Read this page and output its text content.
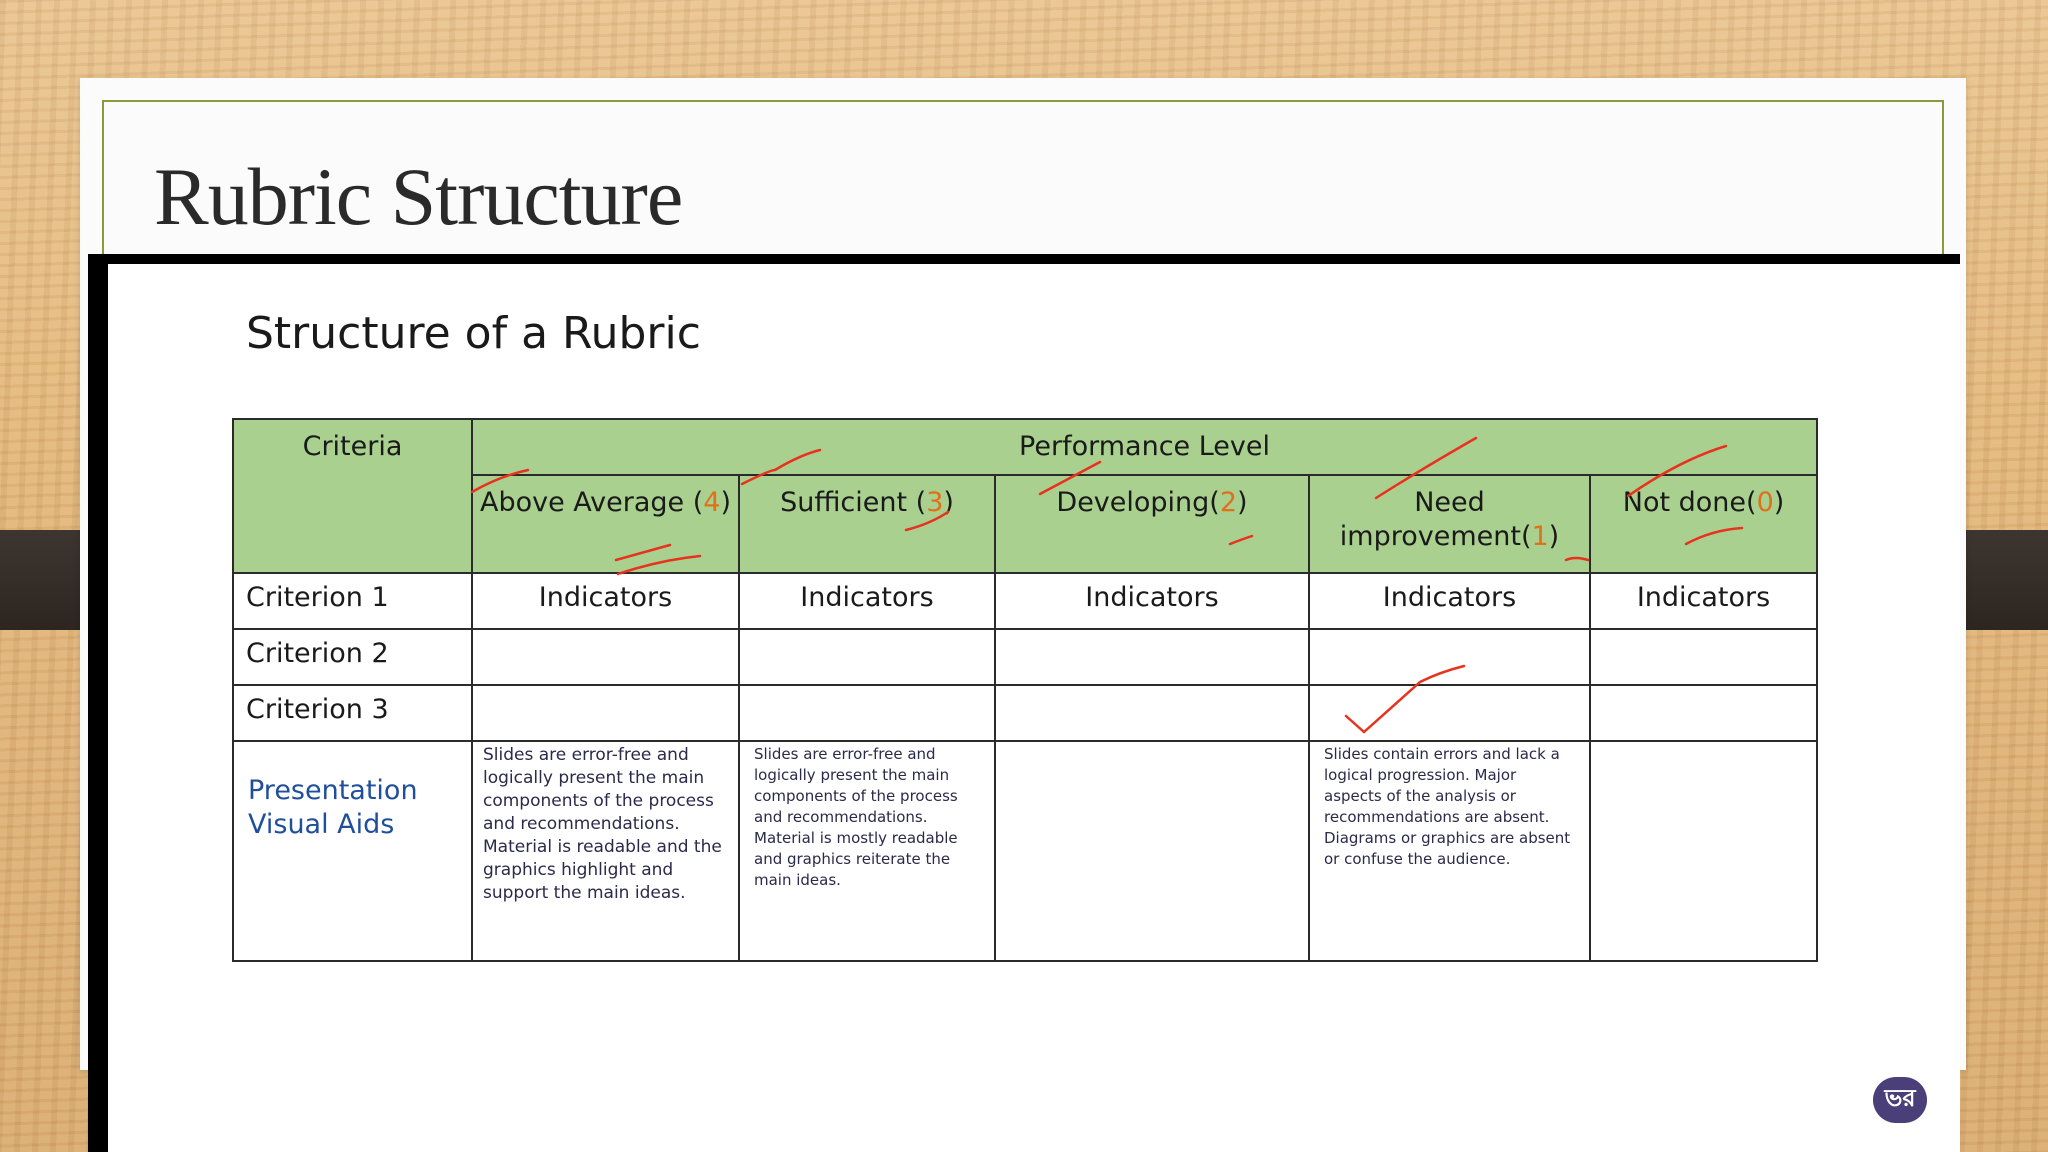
Rubric Structure
Structure of a Rubric
Criteria	Performance Level				

	Above Average (4)	Sufficient (3)	Developing(2)	Need improvement(1)	Not done(0)

Criterion 1	Indicators	Indicators	Indicators	Indicators	Indicators

Criterion 2					

Criterion 3					

Presentation Visual Aids	Slides are error-free and logically present the main components of the process and recommendations. Material is readable and the graphics highlight and support the main ideas.	Slides are error-free and logically present the main components of the process and recommendations. Material is mostly readable and graphics reiterate the main ideas.		Slides contain errors and lack a logical progression. Major aspects of the analysis or recommendations are absent. Diagrams or graphics are absent or confuse the audience.	
ভর
